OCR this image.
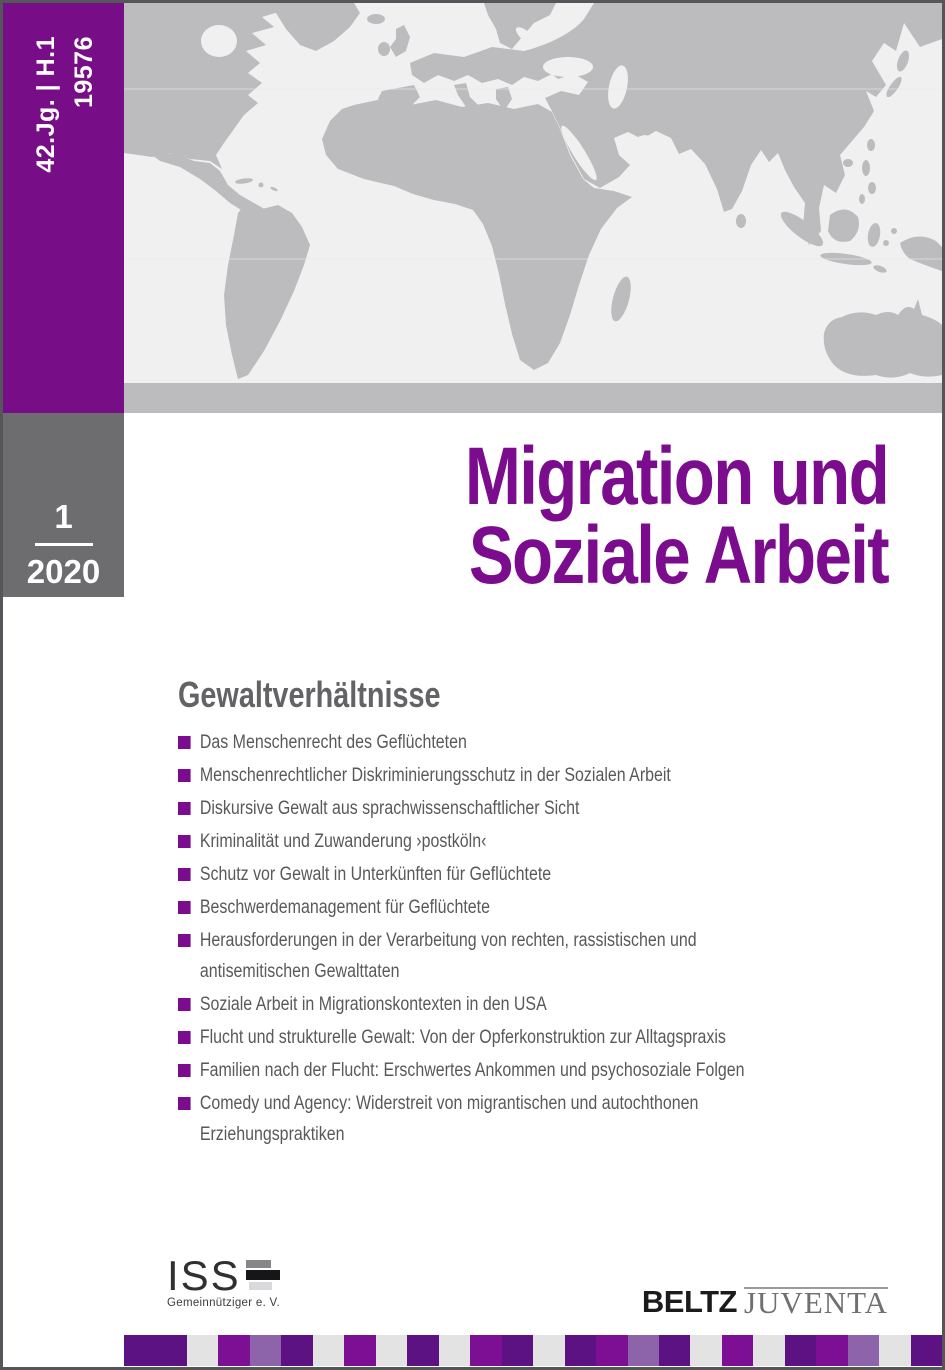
42.Jg. | H.1 19576
1
2020
Migration und
Soziale Arbeit
Gewaltverhältnisse
Das Menschenrecht des Geflüchteten
Menschenrechtlicher Diskriminierungsschutz in der Sozialen Arbeit
Diskursive Gewalt aus sprachwissenschaftlicher Sicht
Kriminalität und Zuwanderung ›postköln‹
Schutz vor Gewalt in Unterkünften für Geflüchtete
Beschwerdemanagement für Geflüchtete
Herausforderungen in der Verarbeitung von rechten, rassistischen und
antisemitischen Gewalttaten
Soziale Arbeit in Migrationskontexten in den USA
Flucht und strukturelle Gewalt: Von der Opferkonstruktion zur Alltagspraxis
Familien nach der Flucht: Erschwertes Ankommen und psychosoziale Folgen
Comedy und Agency: Widerstreit von migrantischen und autochthonen
Erziehungspraktiken
ISS
Gemeinnütziger e. V.	BELTZ JUVENTA
